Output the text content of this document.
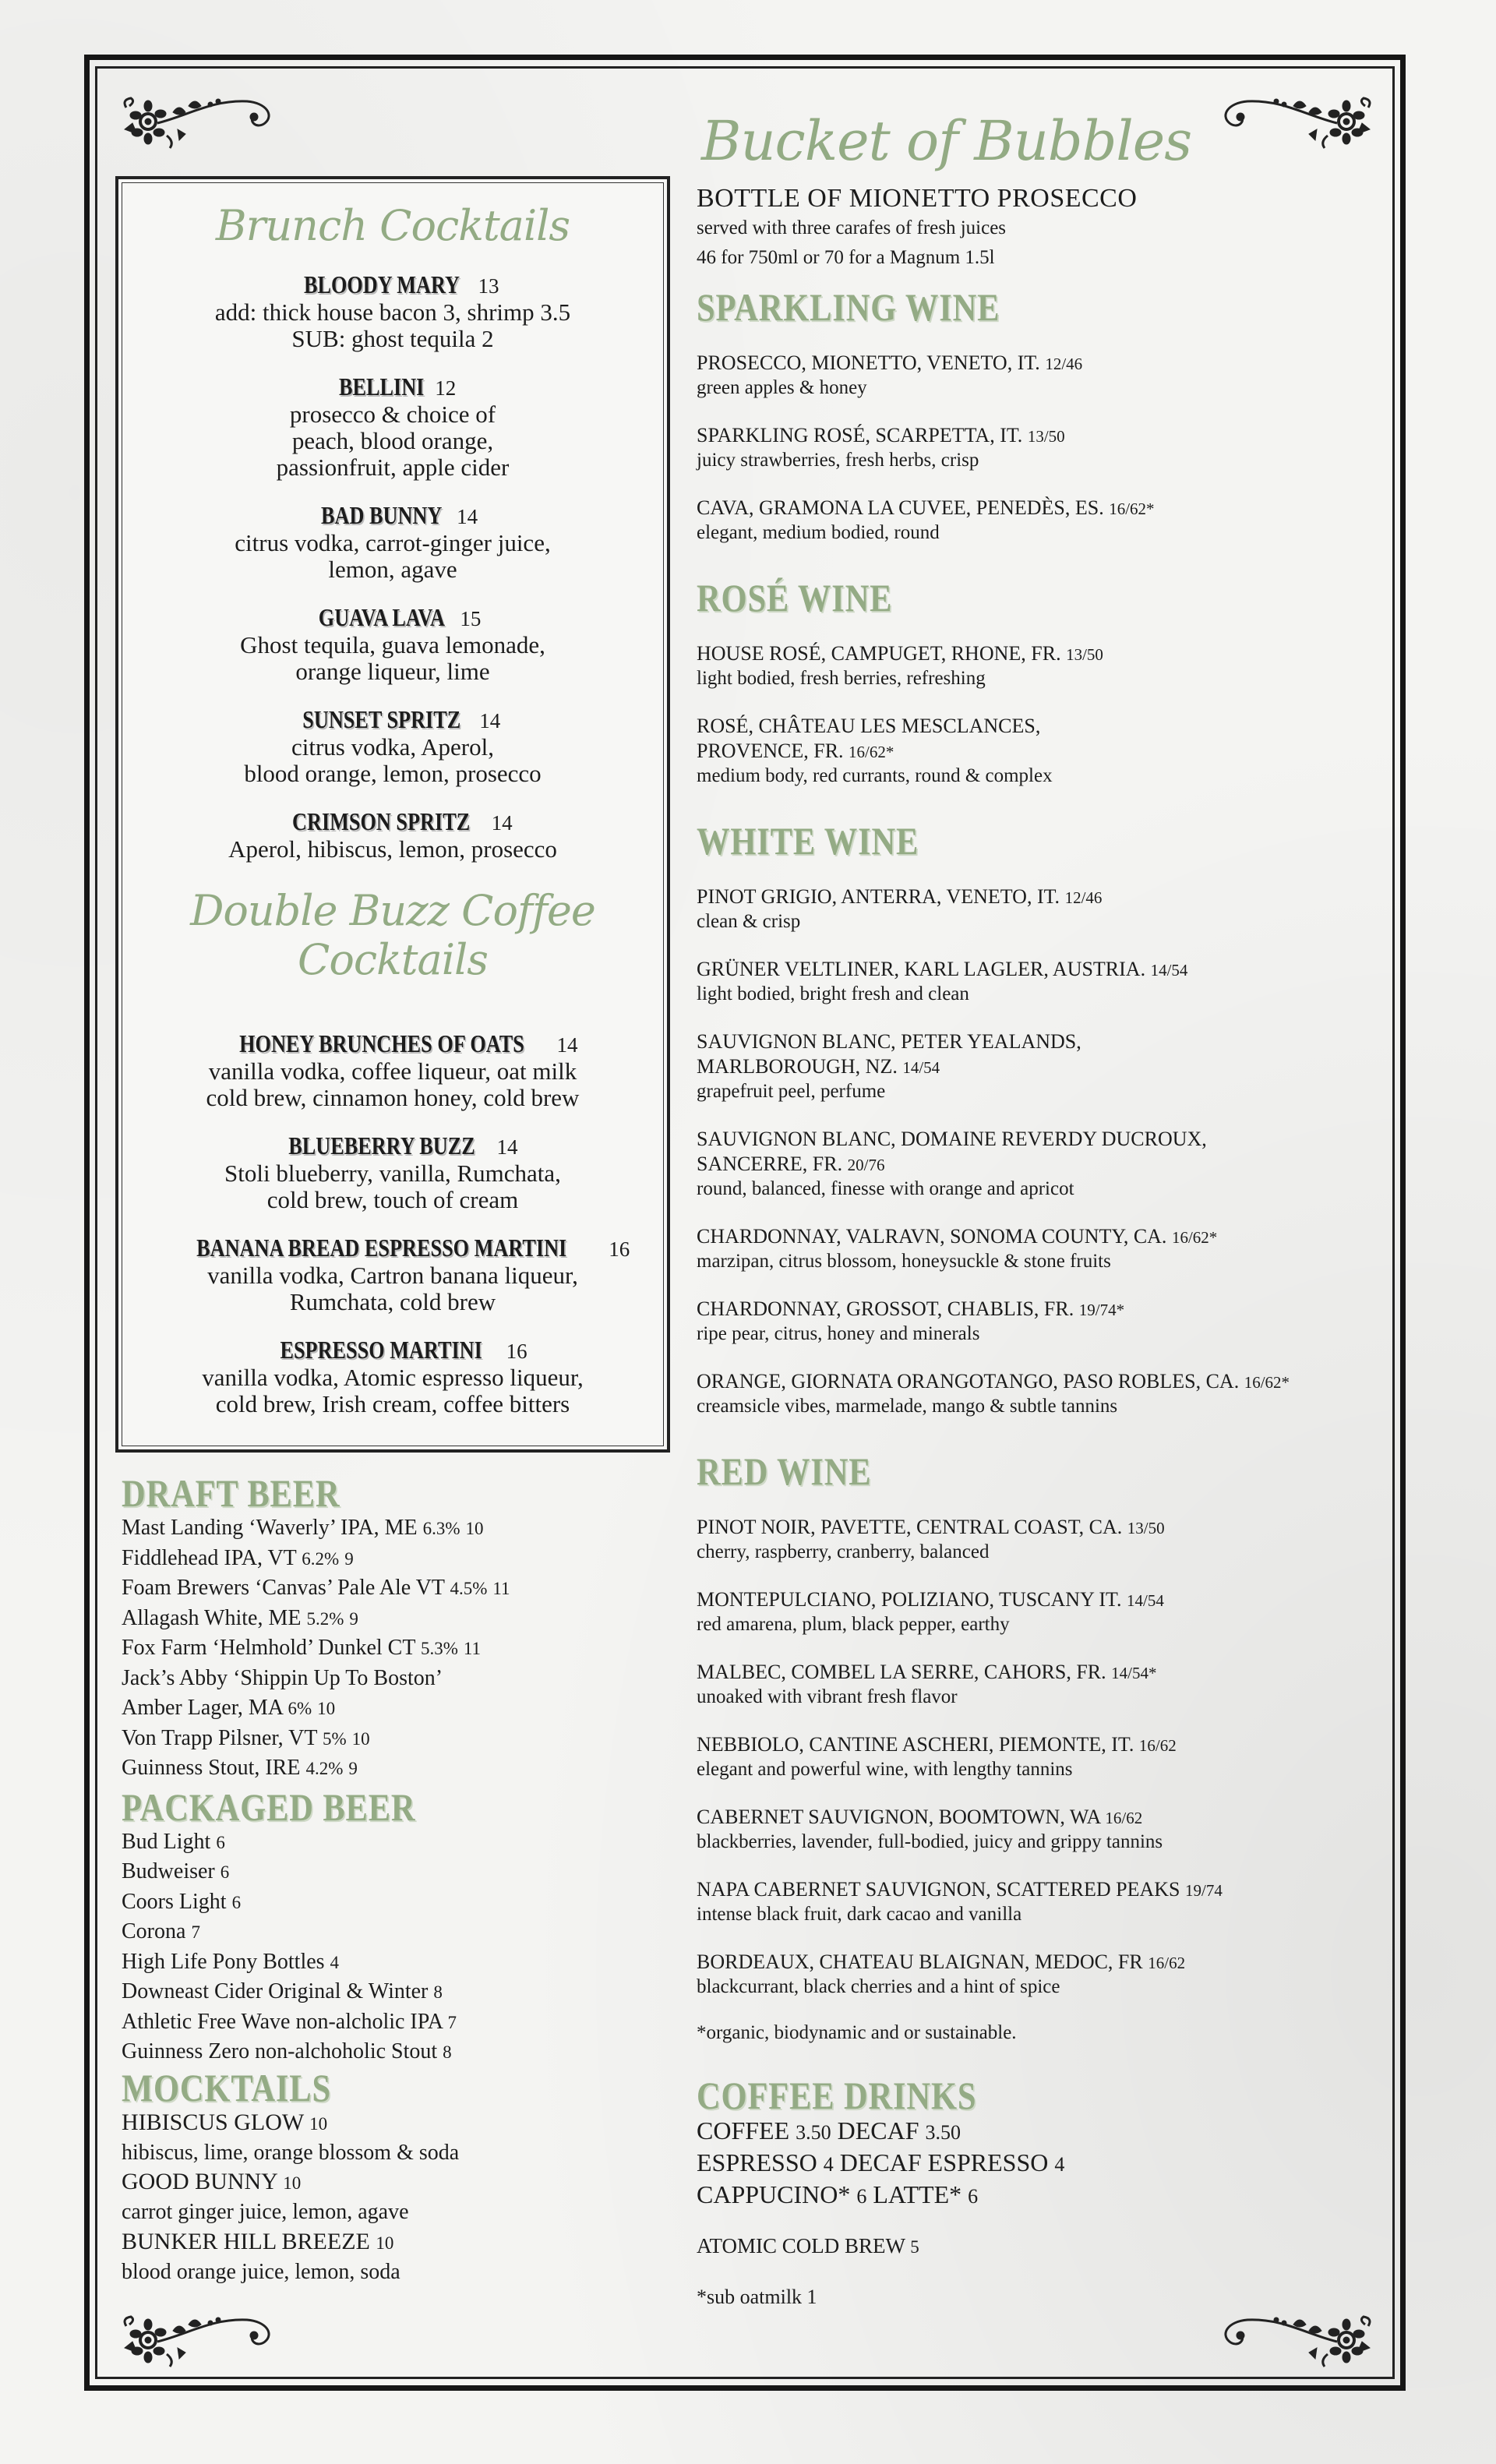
Brunch Cocktails
BLOODY MARY 13
add: thick house bacon 3, shrimp 3.5
SUB: ghost tequila 2
BELLINI 12
prosecco & choice of
peach, blood orange,
passionfruit, apple cider
BAD BUNNY 14
citrus vodka, carrot-ginger juice,
lemon, agave
GUAVA LAVA 15
Ghost tequila, guava lemonade,
orange liqueur, lime
SUNSET SPRITZ 14
citrus vodka, Aperol,
blood orange, lemon, prosecco
CRIMSON SPRITZ 14
Aperol, hibiscus, lemon, prosecco
Double Buzz Coffee Cocktails
HONEY BRUNCHES OF OATS 14
vanilla vodka, coffee liqueur, oat milk
cold brew, cinnamon honey, cold brew
BLUEBERRY BUZZ 14
Stoli blueberry, vanilla, Rumchata,
cold brew, touch of cream
BANANA BREAD ESPRESSO MARTINI 16
vanilla vodka, Cartron banana liqueur,
Rumchata, cold brew
ESPRESSO MARTINI 16
vanilla vodka, Atomic espresso liqueur,
cold brew, Irish cream, coffee bitters
DRAFT BEER
Mast Landing ‘Waverly’ IPA, ME 6.3% 10
Fiddlehead IPA, VT 6.2% 9
Foam Brewers ‘Canvas’ Pale Ale VT 4.5% 11
Allagash White, ME 5.2% 9
Fox Farm ‘Helmhold’ Dunkel CT 5.3% 11
Jack’s Abby ‘Shippin Up To Boston’
Amber Lager, MA 6% 10
Von Trapp Pilsner, VT 5% 10
Guinness Stout, IRE 4.2% 9
PACKAGED BEER
Bud Light 6
Budweiser 6
Coors Light 6
Corona 7
High Life Pony Bottles 4
Downeast Cider Original & Winter 8
Athletic Free Wave non-alcholic IPA 7
Guinness Zero non-alchoholic Stout 8
MOCKTAILS
HIBISCUS GLOW 10
hibiscus, lime, orange blossom & soda
GOOD BUNNY 10
carrot ginger juice, lemon, agave
BUNKER HILL BREEZE 10
blood orange juice, lemon, soda
Bucket of Bubbles
BOTTLE OF MIONETTO PROSECCO
served with three carafes of fresh juices
46 for 750ml or 70 for a Magnum 1.5l
SPARKLING WINE
PROSECCO, MIONETTO, VENETO, IT. 12/46
green apples & honey
SPARKLING ROSÉ, SCARPETTA, IT. 13/50
juicy strawberries, fresh herbs, crisp
CAVA, GRAMONA LA CUVEE, PENEDÈS, ES. 16/62*
elegant, medium bodied, round
ROSÉ WINE
HOUSE ROSÉ, CAMPUGET, RHONE, FR. 13/50
light bodied, fresh berries, refreshing
ROSÉ, CHÂTEAU LES MESCLANCES,
PROVENCE, FR. 16/62*
medium body, red currants, round & complex
WHITE WINE
PINOT GRIGIO, ANTERRA, VENETO, IT. 12/46
clean & crisp
GRÜNER VELTLINER, KARL LAGLER, AUSTRIA. 14/54
light bodied, bright fresh and clean
SAUVIGNON BLANC, PETER YEALANDS,
MARLBOROUGH, NZ. 14/54
grapefruit peel, perfume
SAUVIGNON BLANC, DOMAINE REVERDY DUCROUX,
SANCERRE, FR. 20/76
round, balanced, finesse with orange and apricot
CHARDONNAY, VALRAVN, SONOMA COUNTY, CA. 16/62*
marzipan, citrus blossom, honeysuckle & stone fruits
CHARDONNAY, GROSSOT, CHABLIS, FR. 19/74*
ripe pear, citrus, honey and minerals
ORANGE, GIORNATA ORANGOTANGO, PASO ROBLES, CA. 16/62*
creamsicle vibes, marmelade, mango & subtle tannins
RED WINE
PINOT NOIR, PAVETTE, CENTRAL COAST, CA. 13/50
cherry, raspberry, cranberry, balanced
MONTEPULCIANO, POLIZIANO, TUSCANY IT. 14/54
red amarena, plum, black pepper, earthy
MALBEC, COMBEL LA SERRE, CAHORS, FR. 14/54*
unoaked with vibrant fresh flavor
NEBBIOLO, CANTINE ASCHERI, PIEMONTE, IT. 16/62
elegant and powerful wine, with lengthy tannins
CABERNET SAUVIGNON, BOOMTOWN, WA 16/62
blackberries, lavender, full-bodied, juicy and grippy tannins
NAPA CABERNET SAUVIGNON, SCATTERED PEAKS 19/74
intense black fruit, dark cacao and vanilla
BORDEAUX, CHATEAU BLAIGNAN, MEDOC, FR 16/62
blackcurrant, black cherries and a hint of spice
*organic, biodynamic and or sustainable.
COFFEE DRINKS
COFFEE 3.50 DECAF 3.50
ESPRESSO 4 DECAF ESPRESSO 4
CAPPUCINO* 6 LATTE* 6
ATOMIC COLD BREW 5
*sub oatmilk 1
